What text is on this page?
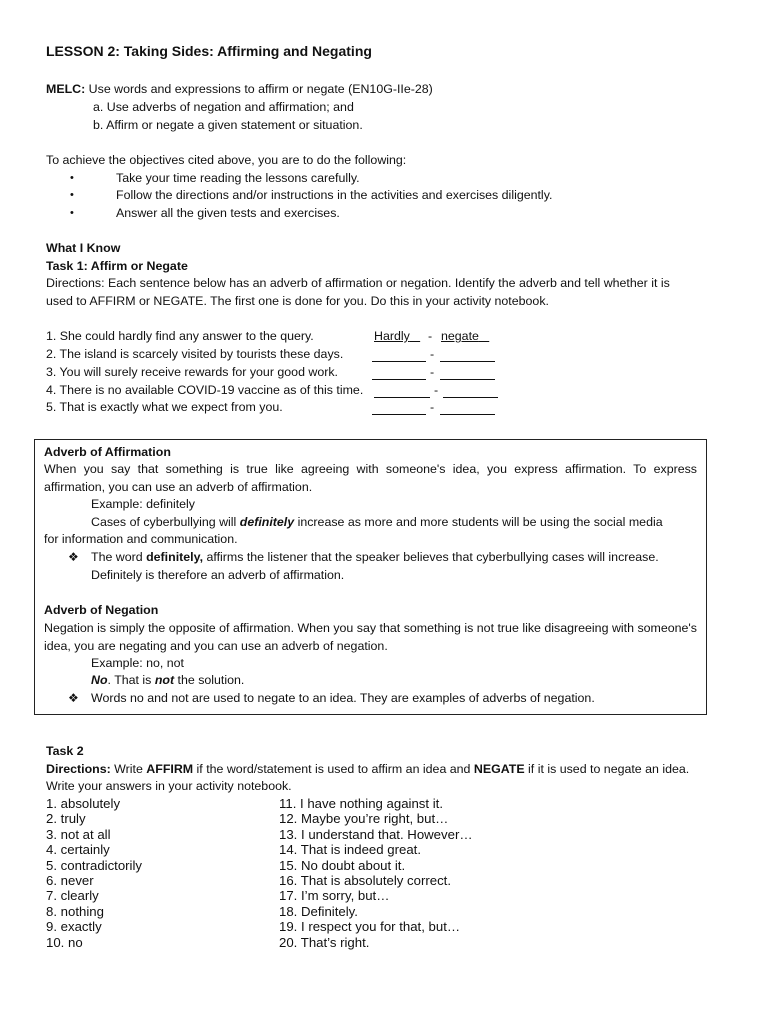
LESSON 2: Taking Sides: Affirming and Negating
MELC: Use words and expressions to affirm or negate (EN10G-IIe-28)
a. Use adverbs of negation and affirmation; and
b. Affirm or negate a given statement or situation.
To achieve the objectives cited above, you are to do the following:
•	Take your time reading the lessons carefully.
•	Follow the directions and/or instructions in the activities and exercises diligently.
•	Answer all the given tests and exercises.
What I Know
Task 1: Affirm or Negate
Directions: Each sentence below has an adverb of affirmation or negation. Identify the adverb and tell whether it is
used to AFFIRM or NEGATE. The first one is done for you. Do this in your activity notebook.
1. She could hardly find any answer to the query.	Hardly	- negate
2. The island is scarcely visited by tourists these days.	-
3. You will surely receive rewards for your good work.	-
4. There is no available COVID-19 vaccine as of this time.	-
5. That is exactly what we expect from you.	-
Adverb of Affirmation
When you say that something is true like agreeing with someone's idea, you express affirmation. To express affirmation, you can use an adverb of affirmation.
Example: definitely
Cases of cyberbullying will definitely increase as more and more students will be using the social media
for information and communication.
❖ The word definitely, affirms the listener that the speaker believes that cyberbullying cases will increase.
Definitely is therefore an adverb of affirmation.
Adverb of Negation
Negation is simply the opposite of affirmation. When you say that something is not true like disagreeing with someone's idea, you are negating and you can use an adverb of negation.
Example: no, not
No. That is not the solution.
❖ Words no and not are used to negate to an idea. They are examples of adverbs of negation.
Task 2
Directions: Write AFFIRM if the word/statement is used to affirm an idea and NEGATE if it is used to negate an idea.
Write your answers in your activity notebook.
1. absolutely
2. truly
3. not at all
4. certainly
5. contradictorily
6. never
7. clearly
8. nothing
9. exactly
10. no
11. I have nothing against it.
12. Maybe you’re right, but…
13. I understand that. However…
14. That is indeed great.
15. No doubt about it.
16. That is absolutely correct.
17. I’m sorry, but…
18. Definitely.
19. I respect you for that, but…
20. That’s right.
